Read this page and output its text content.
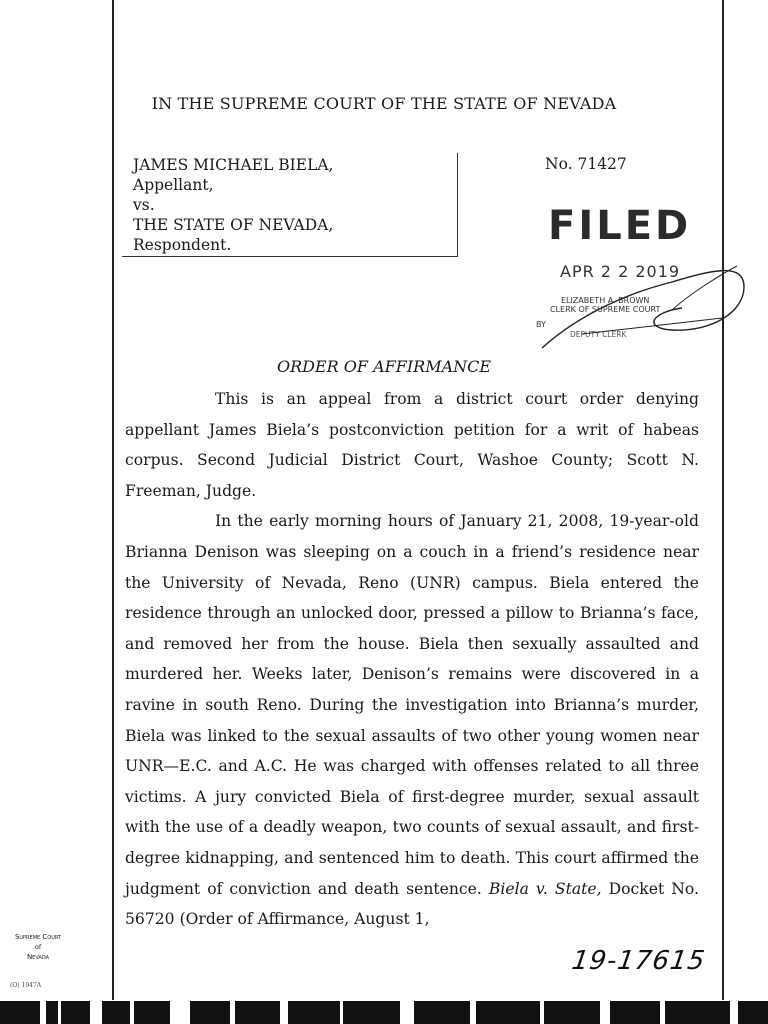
IN THE SUPREME COURT OF THE STATE OF NEVADA
JAMES MICHAEL BIELA,
Appellant,
vs.
THE STATE OF NEVADA,
Respondent.
No. 71427
FILED
APR 2 2 2019
ELIZABETH A. BROWN
CLERK OF SUPREME COURT
BY
DEPUTY CLERK
ORDER OF AFFIRMANCE

This is an appeal from a district court order denying appellant James Biela’s postconviction petition for a writ of habeas corpus. Second Judicial District Court, Washoe County; Scott N. Freeman, Judge.

In the early morning hours of January 21, 2008, 19-year-old Brianna Denison was sleeping on a couch in a friend’s residence near the University of Nevada, Reno (UNR) campus. Biela entered the residence through an unlocked door, pressed a pillow to Brianna’s face, and removed her from the house. Biela then sexually assaulted and murdered her. Weeks later, Denison’s remains were discovered in a ravine in south Reno. During the investigation into Brianna’s murder, Biela was linked to the sexual assaults of two other young women near UNR—E.C. and A.C. He was charged with offenses related to all three victims. A jury convicted Biela of first-degree murder, sexual assault with the use of a deadly weapon, two counts of sexual assault, and first-degree kidnapping, and sentenced him to death. This court affirmed the judgment of conviction and death sentence. Biela v. State, Docket No. 56720 (Order of Affirmance, August 1,

Supreme Court
of
Nevada
(O) 1947A
19-17615
